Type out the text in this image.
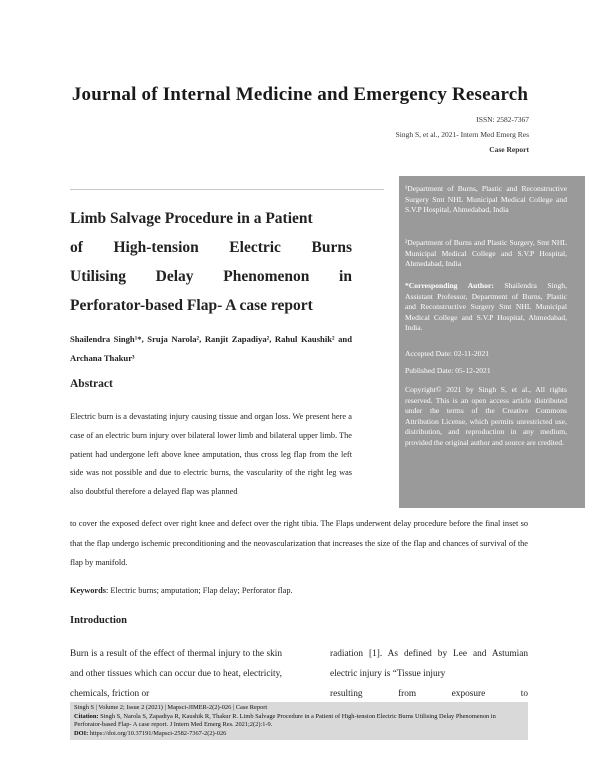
Journal of Internal Medicine and Emergency Research
ISSN: 2582-7367
Singh S, et al., 2021- Intern Med Emerg Res
Case Report
Limb Salvage Procedure in a Patient
of High-tension Electric Burns
Utilising Delay Phenomenon in
Perforator-based Flap- A case report
Shailendra Singh¹*, Sruja Narola², Ranjit Zapadiya², Rahul Kaushik² and Archana Thakur³
¹Department of Burns, Plastic and Reconstructive Surgery Smt NHL Municipal Medical College and S.V.P Hospital, Ahmedabad, India
²Department of Burns and Plastic Surgery, Smt NHL Municipal Medical College and S.V.P Hospital, Ahmedabad, India
*Corresponding Author: Shailendra Singh, Assistant Professor, Department of Burns, Plastic and Reconstructive Surgery Smt NHL Municipal Medical College and S.V.P Hospital, Ahmedabad, India.
Accepted Date: 02-11-2021
Published Date: 05-12-2021
Copyright© 2021 by Singh S, et al., All rights reserved. This is an open access article distributed under the terms of the Creative Commons Attribution License, which permits unrestricted use, distribution, and reproduction in any medium, provided the original author and source are credited.
Abstract
Electric burn is a devastating injury causing tissue and organ loss. We present here a case of an electric burn injury over bilateral lower limb and bilateral upper limb. The patient had undergone left above knee amputation, thus cross leg flap from the left side was not possible and due to electric burns, the vascularity of the right leg was also doubtful therefore a delayed flap was planned
to cover the exposed defect over right knee and defect over the right tibia. The Flaps underwent delay procedure before the final inset so that the flap undergo ischemic preconditioning and the neovascularization that increases the size of the flap and chances of survival of the flap by manifold.
Keywords: Electric burns; amputation; Flap delay; Perforator flap.
Introduction
Burn is a result of the effect of thermal injury to the skin and other tissues which can occur due to heat, electricity, chemicals, friction or
radiation [1]. As defined by Lee and Astumian electric injury is “Tissue injury
resulting from exposure to
Singh S | Volume 2; Issue 2 (2021) | Mapsci-JIMER-2(2)-026 | Case Report
Citation: Singh S, Narola S, Zapadiya R, Kaushik R, Thakur R. Limb Salvage Procedure in a Patient of High-tension Electric Burns Utilising Delay Phenomenon in Perforator-based Flap- A case report. J Intern Med Emerg Res. 2021;2(2):1-9.
DOI: https://doi.org/10.37191/Mapsci-2582-7367-2(2)-026
